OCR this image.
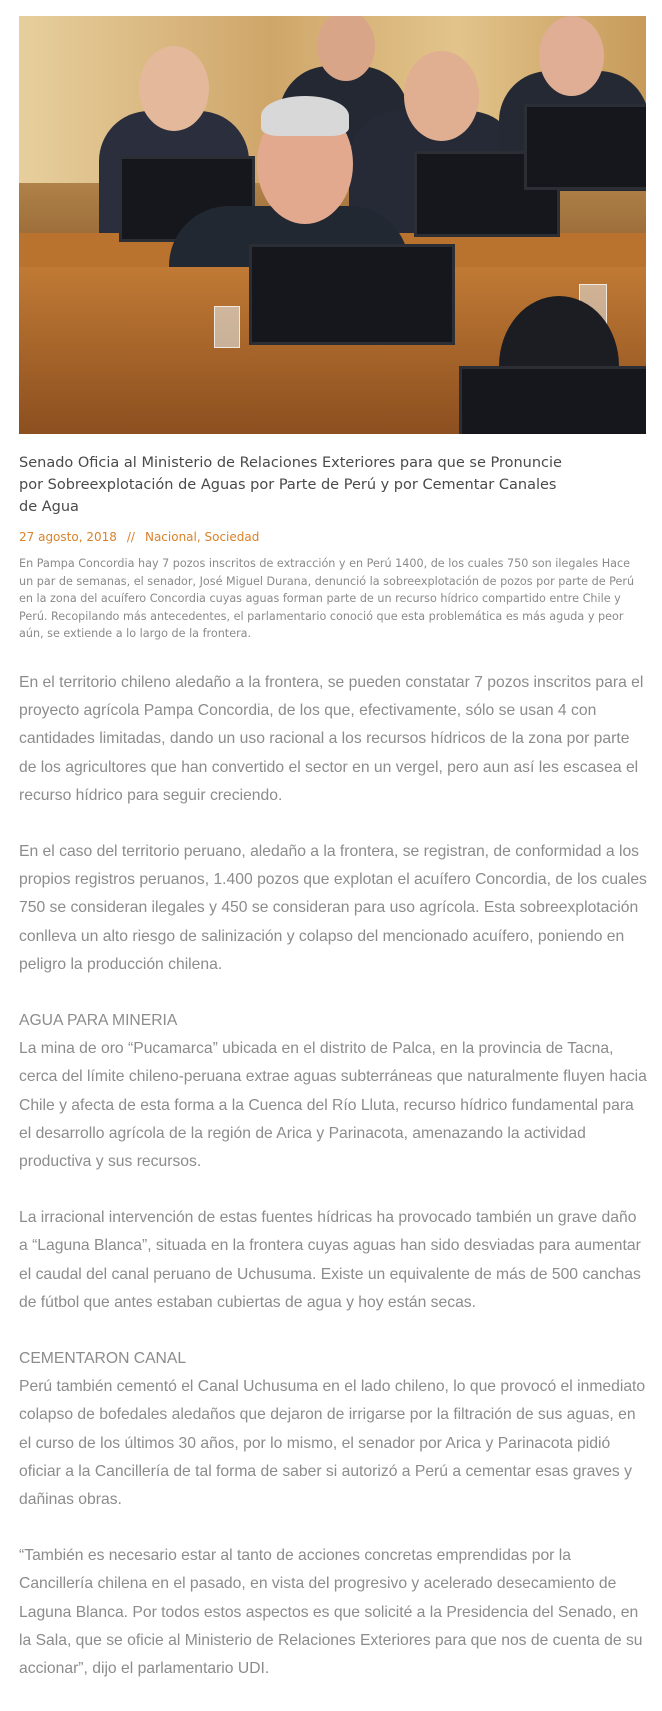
Senado Oficia al Ministerio de Relaciones Exteriores para que se Pronuncie por Sobreexplotación de Aguas por Parte de Perú y por Cementar Canales de Agua
27 agosto, 2018 // Nacional, Sociedad
En Pampa Concordia hay 7 pozos inscritos de extracción y en Perú 1400, de los cuales 750 son ilegales Hace un par de semanas, el senador, José Miguel Durana, denunció la sobreexplotación de pozos por parte de Perú en la zona del acuífero Concordia cuyas aguas forman parte de un recurso hídrico compartido entre Chile y Perú. Recopilando más antecedentes, el parlamentario conoció que esta problemática es más aguda y peor aún, se extiende a lo largo de la frontera.

En el territorio chileno aledaño a la frontera, se pueden constatar 7 pozos inscritos para el proyecto agrícola Pampa Concordia, de los que, efectivamente, sólo se usan 4 con cantidades limitadas, dando un uso racional a los recursos hídricos de la zona por parte de los agricultores que han convertido el sector en un vergel, pero aun así les escasea el recurso hídrico para seguir creciendo.

En el caso del territorio peruano, aledaño a la frontera, se registran, de conformidad a los propios registros peruanos, 1.400 pozos que explotan el acuífero Concordia, de los cuales 750 se consideran ilegales y 450 se consideran para uso agrícola. Esta sobreexplotación conlleva un alto riesgo de salinización y colapso del mencionado acuífero, poniendo en peligro la producción chilena.

AGUA PARA MINERIA
La mina de oro “Pucamarca” ubicada en el distrito de Palca, en la provincia de Tacna, cerca del límite chileno-peruana extrae aguas subterráneas que naturalmente fluyen hacia Chile y afecta de esta forma a la Cuenca del Río Lluta, recurso hídrico fundamental para el desarrollo agrícola de la región de Arica y Parinacota, amenazando la actividad productiva y sus recursos.

La irracional intervención de estas fuentes hídricas ha provocado también un grave daño a “Laguna Blanca”, situada en la frontera cuyas aguas han sido desviadas para aumentar el caudal del canal peruano de Uchusuma. Existe un equivalente de más de 500 canchas de fútbol que antes estaban cubiertas de agua y hoy están secas.

CEMENTARON CANAL
Perú también cementó el Canal Uchusuma en el lado chileno, lo que provocó el inmediato colapso de bofedales aledaños que dejaron de irrigarse por la filtración de sus aguas, en el curso de los últimos 30 años, por lo mismo, el senador por Arica y Parinacota pidió oficiar a la Cancillería de tal forma de saber si autorizó a Perú a cementar esas graves y dañinas obras.

“También es necesario estar al tanto de acciones concretas emprendidas por la Cancillería chilena en el pasado, en vista del progresivo y acelerado desecamiento de Laguna Blanca. Por todos estos aspectos es que solicité a la Presidencia del Senado, en la Sala, que se oficie al Ministerio de Relaciones Exteriores para que nos de cuenta de su accionar”, dijo el parlamentario UDI.
